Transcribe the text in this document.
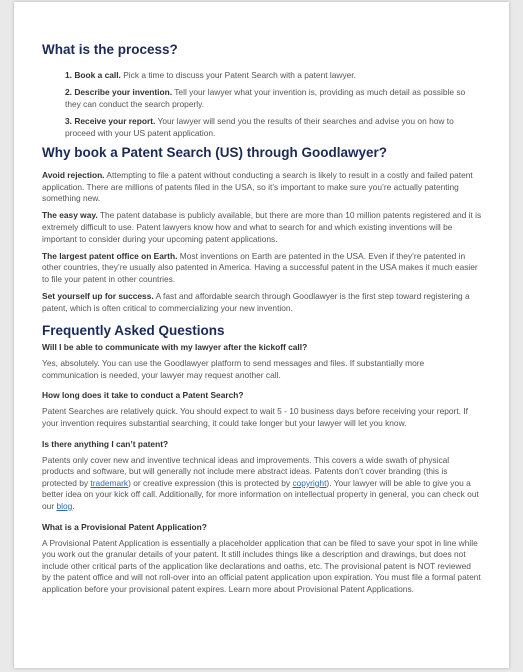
What is the process?
1. Book a call. Pick a time to discuss your Patent Search with a patent lawyer.
2. Describe your invention. Tell your lawyer what your invention is, providing as much detail as possible so they can conduct the search properly.
3. Receive your report. Your lawyer will send you the results of their searches and advise you on how to proceed with your US patent application.
Why book a Patent Search (US) through Goodlawyer?

Avoid rejection. Attempting to file a patent without conducting a search is likely to result in a costly and failed patent application. There are millions of patents filed in the USA, so it’s important to make sure you’re actually patenting something new.

The easy way. The patent database is publicly available, but there are more than 10 million patents registered and it is extremely difficult to use. Patent lawyers know how and what to search for and which existing inventions will be important to consider during your upcoming patent applications.

The largest patent office on Earth. Most inventions on Earth are patented in the USA. Even if they’re patented in other countries, they’re usually also patented in America. Having a successful patent in the USA makes it much easier to file your patent in other countries.

Set yourself up for success. A fast and affordable search through Goodlawyer is the first step toward registering a patent, which is often critical to commercializing your new invention.

Frequently Asked Questions
Will I be able to communicate with my lawyer after the kickoff call?

Yes, absolutely. You can use the Goodlawyer platform to send messages and files. If substantially more communication is needed, your lawyer may request another call.

How long does it take to conduct a Patent Search?

Patent Searches are relatively quick. You should expect to wait 5 - 10 business days before receiving your report. If your invention requires substantial searching, it could take longer but your lawyer will let you know.

Is there anything I can’t patent?

Patents only cover new and inventive technical ideas and improvements. This covers a wide swath of physical products and software, but will generally not include mere abstract ideas. Patents don’t cover branding (this is protected by trademark) or creative expression (this is protected by copyright). Your lawyer will be able to give you a better idea on your kick off call. Additionally, for more information on intellectual property in general, you can check out our blog.

What is a Provisional Patent Application?

A Provisional Patent Application is essentially a placeholder application that can be filed to save your spot in line while you work out the granular details of your patent. It still includes things like a description and drawings, but does not include other critical parts of the application like declarations and oaths, etc. The provisional patent is NOT reviewed by the patent office and will not roll-over into an official patent application upon expiration. You must file a formal patent application before your provisional patent expires. Learn more about Provisional Patent Applications.
